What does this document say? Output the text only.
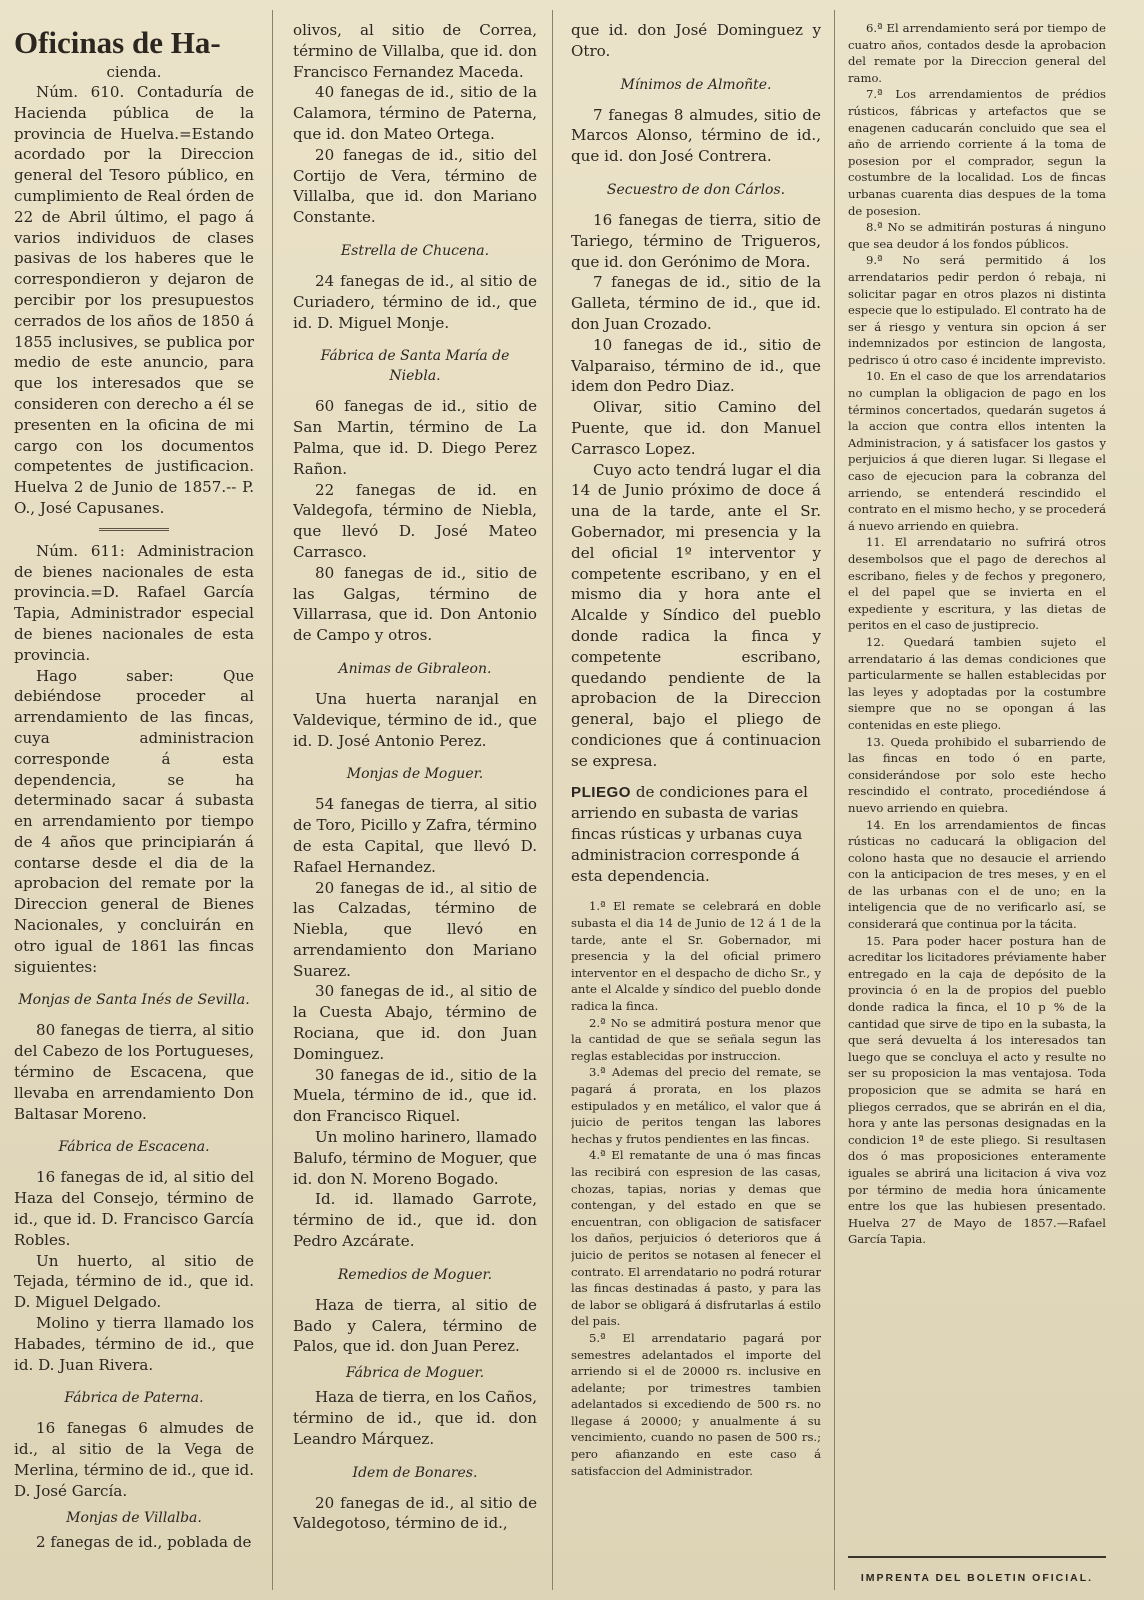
Oficinas de Ha-
cienda.

Núm. 610. Contaduría de Hacienda pública de la provincia de Huelva.=Estando acordado por la Direccion general del Tesoro público, en cumplimiento de Real órden de 22 de Abril último, el pago á varios individuos de clases pasivas de los haberes que le correspondieron y dejaron de percibir por los presupuestos cerrados de los años de 1850 á 1855 inclusives, se publica por medio de este anuncio, para que los interesados que se consideren con derecho a él se presenten en la oficina de mi cargo con los documentos competentes de justificacion. Huelva 2 de Junio de 1857.-- P. O., José Capusanes.

Núm. 611: Administracion de bienes nacionales de esta provincia.=D. Rafael García Tapia, Administrador especial de bienes nacionales de esta provincia.

Hago saber: Que debiéndose proceder al arrendamiento de las fincas, cuya administracion corresponde á esta dependencia, se ha determinado sacar á subasta en arrendamiento por tiempo de 4 años que principiarán á contarse desde el dia de la aprobacion del remate por la Direccion general de Bienes Nacionales, y concluirán en otro igual de 1861 las fincas siguientes:

Monjas de Santa Inés de Sevilla.

80 fanegas de tierra, al sitio del Cabezo de los Portugueses, término de Escacena, que llevaba en arrendamiento Don Baltasar Moreno.

Fábrica de Escacena.

16 fanegas de id, al sitio del Haza del Consejo, término de id., que id. D. Francisco García Robles.

Un huerto, al sitio de Tejada, término de id., que id. D. Miguel Delgado.

Molino y tierra llamado los Habades, término de id., que id. D. Juan Rivera.

Fábrica de Paterna.

16 fanegas 6 almudes de id., al sitio de la Vega de Merlina, término de id., que id. D. José García.

Monjas de Villalba.

2 fanegas de id., poblada de

olivos, al sitio de Correa, término de Villalba, que id. don Francisco Fernandez Maceda.

40 fanegas de id., sitio de la Calamora, término de Paterna, que id. don Mateo Ortega.

20 fanegas de id., sitio del Cortijo de Vera, término de Villalba, que id. don Mariano Constante.

Estrella de Chucena.

24 fanegas de id., al sitio de Curiadero, término de id., que id. D. Miguel Monje.

Fábrica de Santa María de Niebla.

60 fanegas de id., sitio de San Martin, término de La Palma, que id. D. Diego Perez Rañon.

22 fanegas de id. en Valdegofa, término de Niebla, que llevó D. José Mateo Carrasco.

80 fanegas de id., sitio de las Galgas, término de Villarrasa, que id. Don Antonio de Campo y otros.

Animas de Gibraleon.

Una huerta naranjal en Valdevique, término de id., que id. D. José Antonio Perez.

Monjas de Moguer.

54 fanegas de tierra, al sitio de Toro, Picillo y Zafra, término de esta Capital, que llevó D. Rafael Hernandez.

20 fanegas de id., al sitio de las Calzadas, término de Niebla, que llevó en arrendamiento don Mariano Suarez.

30 fanegas de id., al sitio de la Cuesta Abajo, término de Rociana, que id. don Juan Dominguez.

30 fanegas de id., sitio de la Muela, término de id., que id. don Francisco Riquel.

Un molino harinero, llamado Balufo, término de Moguer, que id. don N. Moreno Bogado.

Id. id. llamado Garrote, término de id., que id. don Pedro Azcárate.

Remedios de Moguer.

Haza de tierra, al sitio de Bado y Calera, término de Palos, que id. don Juan Perez.

Fábrica de Moguer.

Haza de tierra, en los Caños, término de id., que id. don Leandro Márquez.

Idem de Bonares.

20 fanegas de id., al sitio de Valdegotoso, término de id.,

que id. don José Dominguez y Otro.

Mínimos de Almoñte.

7 fanegas 8 almudes, sitio de Marcos Alonso, término de id., que id. don José Contrera.

Secuestro de don Cárlos.

16 fanegas de tierra, sitio de Tariego, término de Trigueros, que id. don Gerónimo de Mora.

7 fanegas de id., sitio de la Galleta, término de id., que id. don Juan Crozado.

10 fanegas de id., sitio de Valparaiso, término de id., que idem don Pedro Diaz.

Olivar, sitio Camino del Puente, que id. don Manuel Carrasco Lopez.

Cuyo acto tendrá lugar el dia 14 de Junio próximo de doce á una de la tarde, ante el Sr. Gobernador, mi presencia y la del oficial 1º interventor y competente escribano, y en el mismo dia y hora ante el Alcalde y Síndico del pueblo donde radica la finca y competente escribano, quedando pendiente de la aprobacion de la Direccion general, bajo el pliego de condiciones que á continuacion se expresa.

PLIEGO de condiciones para el arriendo en subasta de varias fincas rústicas y urbanas cuya administracion corresponde á esta dependencia.

1.ª El remate se celebrará en doble subasta el dia 14 de Junio de 12 á 1 de la tarde, ante el Sr. Gobernador, mi presencia y la del oficial primero interventor en el despacho de dicho Sr., y ante el Alcalde y síndico del pueblo donde radica la finca.

2.ª No se admitirá postura menor que la cantidad de que se señala segun las reglas establecidas por instruccion.

3.ª Ademas del precio del remate, se pagará á prorata, en los plazos estipulados y en metálico, el valor que á juicio de peritos tengan las labores hechas y frutos pendientes en las fincas.

4.ª El rematante de una ó mas fincas las recibirá con espresion de las casas, chozas, tapias, norias y demas que contengan, y del estado en que se encuentran, con obligacion de satisfacer los daños, perjuicios ó deterioros que á juicio de peritos se notasen al fenecer el contrato. El arrendatario no podrá roturar las fincas destinadas á pasto, y para las de labor se obligará á disfrutarlas á estilo del pais.

5.ª El arrendatario pagará por semestres adelantados el importe del arriendo si el de 20000 rs. inclusive en adelante; por trimestres tambien adelantados si excediendo de 500 rs. no llegase á 20000; y anualmente á su vencimiento, cuando no pasen de 500 rs.; pero afianzando en este caso á satisfaccion del Administrador.

6.ª El arrendamiento será por tiempo de cuatro años, contados desde la aprobacion del remate por la Direccion general del ramo.

7.ª Los arrendamientos de prédios rústicos, fábricas y artefactos que se enagenen caducarán concluido que sea el año de arriendo corriente á la toma de posesion por el comprador, segun la costumbre de la localidad. Los de fincas urbanas cuarenta dias despues de la toma de posesion.

8.ª No se admitirán posturas á ninguno que sea deudor á los fondos públicos.

9.ª No será permitido á los arrendatarios pedir perdon ó rebaja, ni solicitar pagar en otros plazos ni distinta especie que lo estipulado. El contrato ha de ser á riesgo y ventura sin opcion á ser indemnizados por estincion de langosta, pedrisco ú otro caso é incidente imprevisto.

10. En el caso de que los arrendatarios no cumplan la obligacion de pago en los términos concertados, quedarán sugetos á la accion que contra ellos intenten la Administracion, y á satisfacer los gastos y perjuicios á que dieren lugar. Si llegase el caso de ejecucion para la cobranza del arriendo, se entenderá rescindido el contrato en el mismo hecho, y se procederá á nuevo arriendo en quiebra.

11. El arrendatario no sufrirá otros desembolsos que el pago de derechos al escribano, fieles y de fechos y pregonero, el del papel que se invierta en el expediente y escritura, y las dietas de peritos en el caso de justiprecio.

12. Quedará tambien sujeto el arrendatario á las demas condiciones que particularmente se hallen establecidas por las leyes y adoptadas por la costumbre siempre que no se opongan á las contenidas en este pliego.

13. Queda prohibido el subarriendo de las fincas en todo ó en parte, considerándose por solo este hecho rescindido el contrato, procediéndose á nuevo arriendo en quiebra.

14. En los arrendamientos de fincas rústicas no caducará la obligacion del colono hasta que no desaucie el arriendo con la anticipacion de tres meses, y en el de las urbanas con el de uno; en la inteligencia que de no verificarlo así, se considerará que continua por la tácita.

15. Para poder hacer postura han de acreditar los licitadores préviamente haber entregado en la caja de depósito de la provincia ó en la de propios del pueblo donde radica la finca, el 10 p % de la cantidad que sirve de tipo en la subasta, la que será devuelta á los interesados tan luego que se concluya el acto y resulte no ser su proposicion la mas ventajosa. Toda proposicion que se admita se hará en pliegos cerrados, que se abrirán en el dia, hora y ante las personas designadas en la condicion 1ª de este pliego. Si resultasen dos ó mas proposiciones enteramente iguales se abrirá una licitacion á viva voz por término de media hora únicamente entre los que las hubiesen presentado. Huelva 27 de Mayo de 1857.—Rafael García Tapia.

IMPRENTA DEL BOLETIN OFICIAL.
